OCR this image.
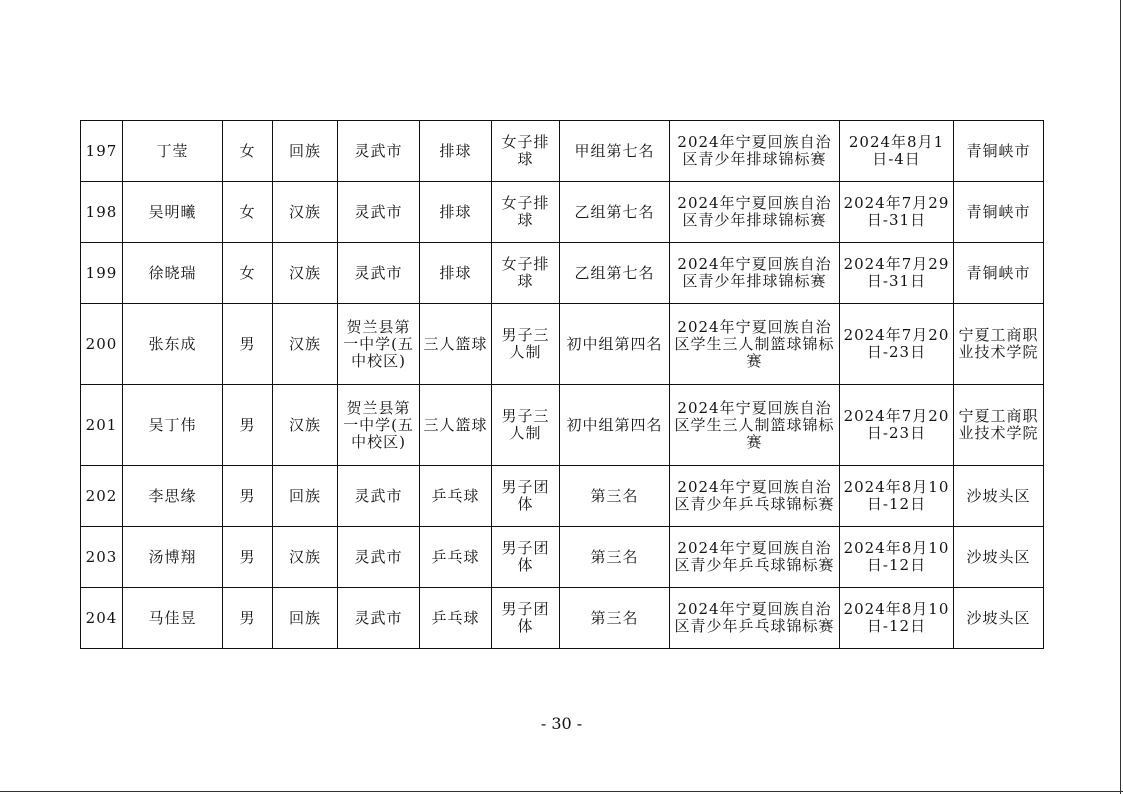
197	丁莹	女	回族	灵武市	排球	女子排球	甲组第七名	2024年宁夏回族自治区青少年排球锦标赛	2024年8月1日-4日	青铜峡市
198	吴明曦	女	汉族	灵武市	排球	女子排球	乙组第七名	2024年宁夏回族自治区青少年排球锦标赛	2024年7月29日-31日	青铜峡市
199	徐晓瑞	女	汉族	灵武市	排球	女子排球	乙组第七名	2024年宁夏回族自治区青少年排球锦标赛	2024年7月29日-31日	青铜峡市
200	张东成	男	汉族	贺兰县第一中学(五中校区)	三人篮球	男子三人制	初中组第四名	2024年宁夏回族自治区学生三人制篮球锦标赛	2024年7月20日-23日	宁夏工商职业技术学院
201	吴丁伟	男	汉族	贺兰县第一中学(五中校区)	三人篮球	男子三人制	初中组第四名	2024年宁夏回族自治区学生三人制篮球锦标赛	2024年7月20日-23日	宁夏工商职业技术学院
202	李思缘	男	回族	灵武市	乒乓球	男子团体	第三名	2024年宁夏回族自治区青少年乒乓球锦标赛	2024年8月10日-12日	沙坡头区
203	汤博翔	男	汉族	灵武市	乒乓球	男子团体	第三名	2024年宁夏回族自治区青少年乒乓球锦标赛	2024年8月10日-12日	沙坡头区
204	马佳昱	男	回族	灵武市	乒乓球	男子团体	第三名	2024年宁夏回族自治区青少年乒乓球锦标赛	2024年8月10日-12日	沙坡头区
- 30 -
